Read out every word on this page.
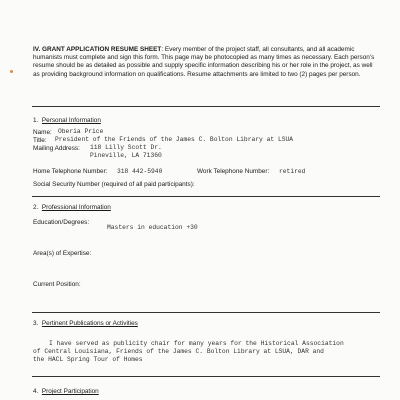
IV. GRANT APPLICATION RESUME SHEET: Every member of the project staff, all consultants, and all academic humanists must complete and sign this form. This page may be photocopied as many times as necessary. Each person's resume should be as detailed as possible and supply specific information describing his or her role in the project, as well as providing background information on qualifications. Resume attachments are limited to two (2) pages per person.
1. Personal Information
Name: Oberia Price
Title: President of the Friends of the James C. Bolton Library at LSUA
Mailing Address: 118 Lilly Scott Dr.
Pineville, LA 71360
Home Telephone Number: 318 442-5940	Work Telephone Number: retired
Social Security Number (required of all paid participants):
2. Professional Information
Education/Degrees:
Masters in education +30
Area(s) of Expertise:
Current Position:
3. Pertinent Publications or Activities
I have served as publicity chair for many years for the Historical Association
of Central Louisiana, Friends of the James C. Bolton Library at LSUA, DAR and
the HACL Spring Tour of Homes
4. Project Participation
